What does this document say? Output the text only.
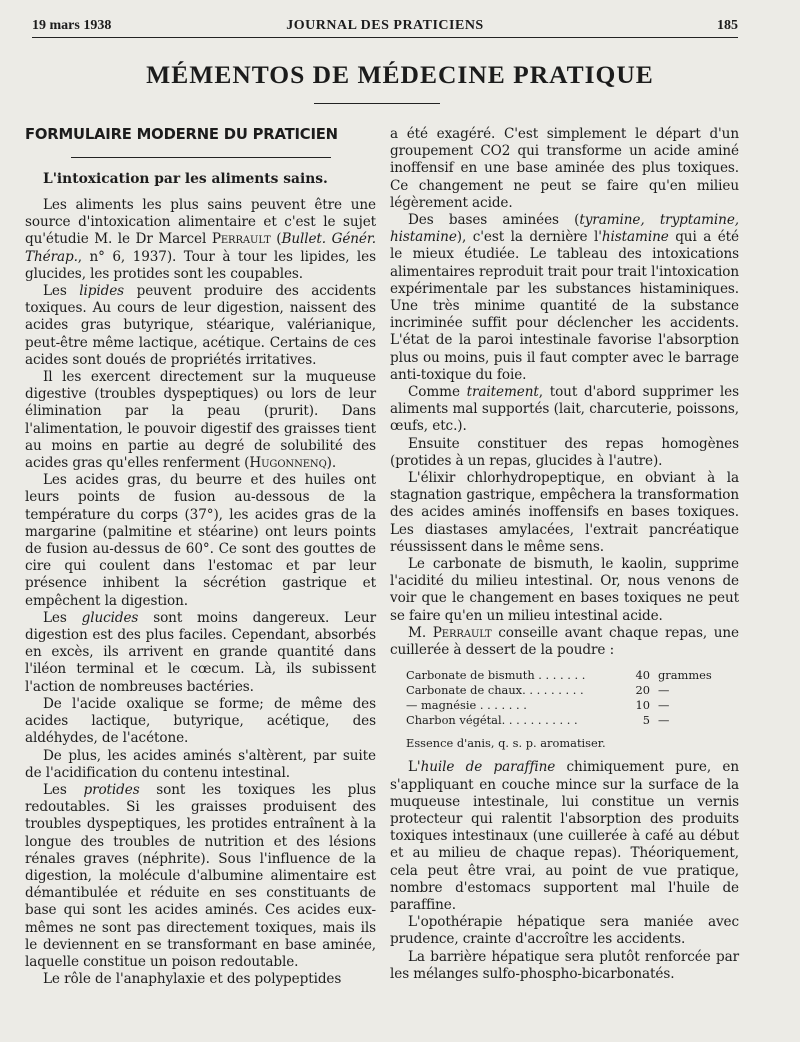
19 mars 1938	JOURNAL DES PRATICIENS	185
MÉMENTOS DE MÉDECINE PRATIQUE
FORMULAIRE MODERNE DU PRATICIEN
L'intoxication par les aliments sains.

Les aliments les plus sains peuvent être une source d'intoxication alimentaire et c'est le sujet qu'étudie M. le Dr Marcel Perrault (Bullet. Génér. Thérap., n° 6, 1937). Tour à tour les lipides, les glucides, les protides sont les coupables.

Les lipides peuvent produire des accidents toxiques. Au cours de leur digestion, naissent des acides gras butyrique, stéarique, valérianique, peut-être même lactique, acétique. Certains de ces acides sont doués de propriétés irritatives.

Il les exercent directement sur la muqueuse digestive (troubles dyspeptiques) ou lors de leur élimination par la peau (prurit). Dans l'alimentation, le pouvoir digestif des graisses tient au moins en partie au degré de solubilité des acides gras qu'elles renferment (Hugonnenq).

Les acides gras, du beurre et des huiles ont leurs points de fusion au-dessous de la température du corps (37°), les acides gras de la margarine (palmitine et stéarine) ont leurs points de fusion au-dessus de 60°. Ce sont des gouttes de cire qui coulent dans l'estomac et par leur présence inhibent la sécrétion gastrique et empêchent la digestion.

Les glucides sont moins dangereux. Leur digestion est des plus faciles. Cependant, absorbés en excès, ils arrivent en grande quantité dans l'iléon terminal et le cœcum. Là, ils subissent l'action de nombreuses bactéries.

De l'acide oxalique se forme; de même des acides lactique, butyrique, acétique, des aldéhydes, de l'acétone.

De plus, les acides aminés s'altèrent, par suite de l'acidification du contenu intestinal.

Les protides sont les toxiques les plus redoutables. Si les graisses produisent des troubles dyspeptiques, les protides entraînent à la longue des troubles de nutrition et des lésions rénales graves (néphrite). Sous l'influence de la digestion, la molécule d'albumine alimentaire est démantibulée et réduite en ses constituants de base qui sont les acides aminés. Ces acides eux-mêmes ne sont pas directement toxiques, mais ils le deviennent en se transformant en base aminée, laquelle constitue un poison redoutable.

Le rôle de l'anaphylaxie et des polypeptides

a été exagéré. C'est simplement le départ d'un groupement CO2 qui transforme un acide aminé inoffensif en une base aminée des plus toxiques. Ce changement ne peut se faire qu'en milieu légèrement acide.

Des bases aminées (tyramine, tryptamine, histamine), c'est la dernière l'histamine qui a été le mieux étudiée. Le tableau des intoxications alimentaires reproduit trait pour trait l'intoxication expérimentale par les substances histaminiques. Une très minime quantité de la substance incriminée suffit pour déclencher les accidents. L'état de la paroi intestinale favorise l'absorption plus ou moins, puis il faut compter avec le barrage anti-toxique du foie.

Comme traitement, tout d'abord supprimer les aliments mal supportés (lait, charcuterie, poissons, œufs, etc.).

Ensuite constituer des repas homogènes (protides à un repas, glucides à l'autre).

L'élixir chlorhydropeptique, en obviant à la stagnation gastrique, empêchera la transformation des acides aminés inoffensifs en bases toxiques. Les diastases amylacées, l'extrait pancréatique réussissent dans le même sens.

Le carbonate de bismuth, le kaolin, supprime l'acidité du milieu intestinal. Or, nous venons de voir que le changement en bases toxiques ne peut se faire qu'en un milieu intestinal acide.

M. Perrault conseille avant chaque repas, une cuillerée à dessert de la poudre :

Carbonate de bismuth . . . . . . .	40	grammes
Carbonate de chaux. . . . . . . . .	20	—
— magnésie . . . . . . .	10	—
Charbon végétal. . . . . . . . . . .	5	—
Essence d'anis, q. s. p. aromatiser.

L'huile de paraffine chimiquement pure, en s'appliquant en couche mince sur la surface de la muqueuse intestinale, lui constitue un vernis protecteur qui ralentit l'absorption des produits toxiques intestinaux (une cuillerée à café au début et au milieu de chaque repas). Théoriquement, cela peut être vrai, au point de vue pratique, nombre d'estomacs supportent mal l'huile de paraffine.

L'opothérapie hépatique sera maniée avec prudence, crainte d'accroître les accidents.

La barrière hépatique sera plutôt renforcée par les mélanges sulfo-phospho-bicarbonatés.
